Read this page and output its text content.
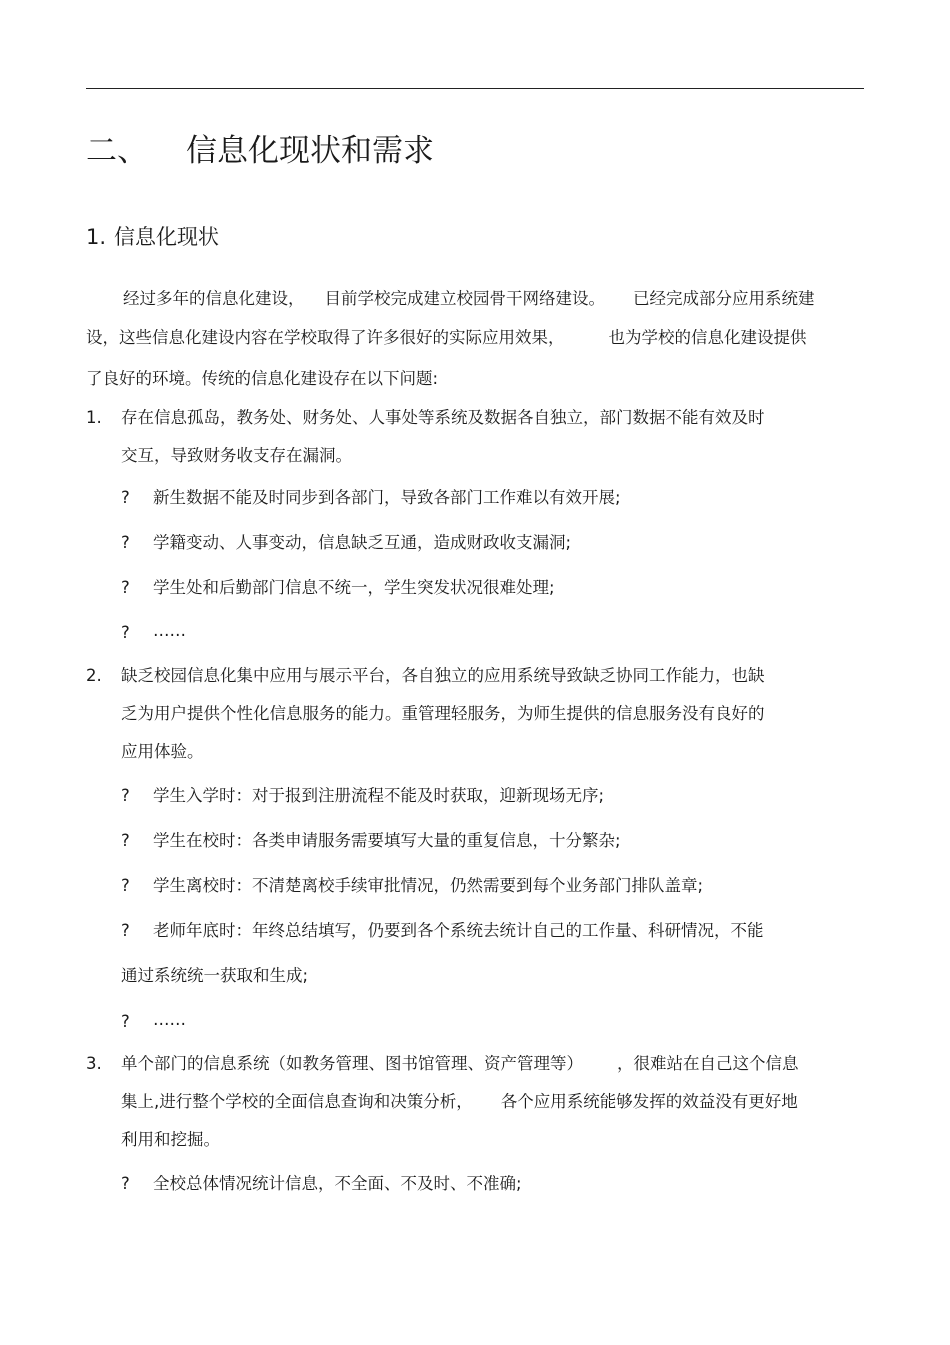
二、 信息化现状和需求
1. 信息化现状
经过多年的信息化建设， 目前学校完成建立校园骨干网络建设。 已经完成部分应用系统建
设，这些信息化建设内容在学校取得了许多很好的实际应用效果，	也为学校的信息化建设提供
了良好的环境。传统的信息化建设存在以下问题:
1. 存在信息孤岛，教务处、财务处、人事处等系统及数据各自独立，部门数据不能有效及时
交互，导致财务收支存在漏洞。
? 新生数据不能及时同步到各部门，导致各部门工作难以有效开展;
? 学籍变动、人事变动，信息缺乏互通，造成财政收支漏洞;
? 学生处和后勤部门信息不统一，学生突发状况很难处理;
? ……
2. 缺乏校园信息化集中应用与展示平台，各自独立的应用系统导致缺乏协同工作能力，也缺
乏为用户提供个性化信息服务的能力。重管理轻服务，为师生提供的信息服务没有良好的
应用体验。
? 学生入学时：对于报到注册流程不能及时获取，迎新现场无序;
? 学生在校时：各类申请服务需要填写大量的重复信息，十分繁杂;
? 学生离校时：不清楚离校手续审批情况，仍然需要到每个业务部门排队盖章;
? 老师年底时：年终总结填写，仍要到各个系统去统计自己的工作量、科研情况，不能
通过系统统一获取和生成;
? ……
3. 单个部门的信息系统（如教务管理、图书馆管理、资产管理等） ，很难站在自己这个信息
集上,进行整个学校的全面信息查询和决策分析， 各个应用系统能够发挥的效益没有更好地
利用和挖掘。
? 全校总体情况统计信息，不全面、不及时、不准确;
